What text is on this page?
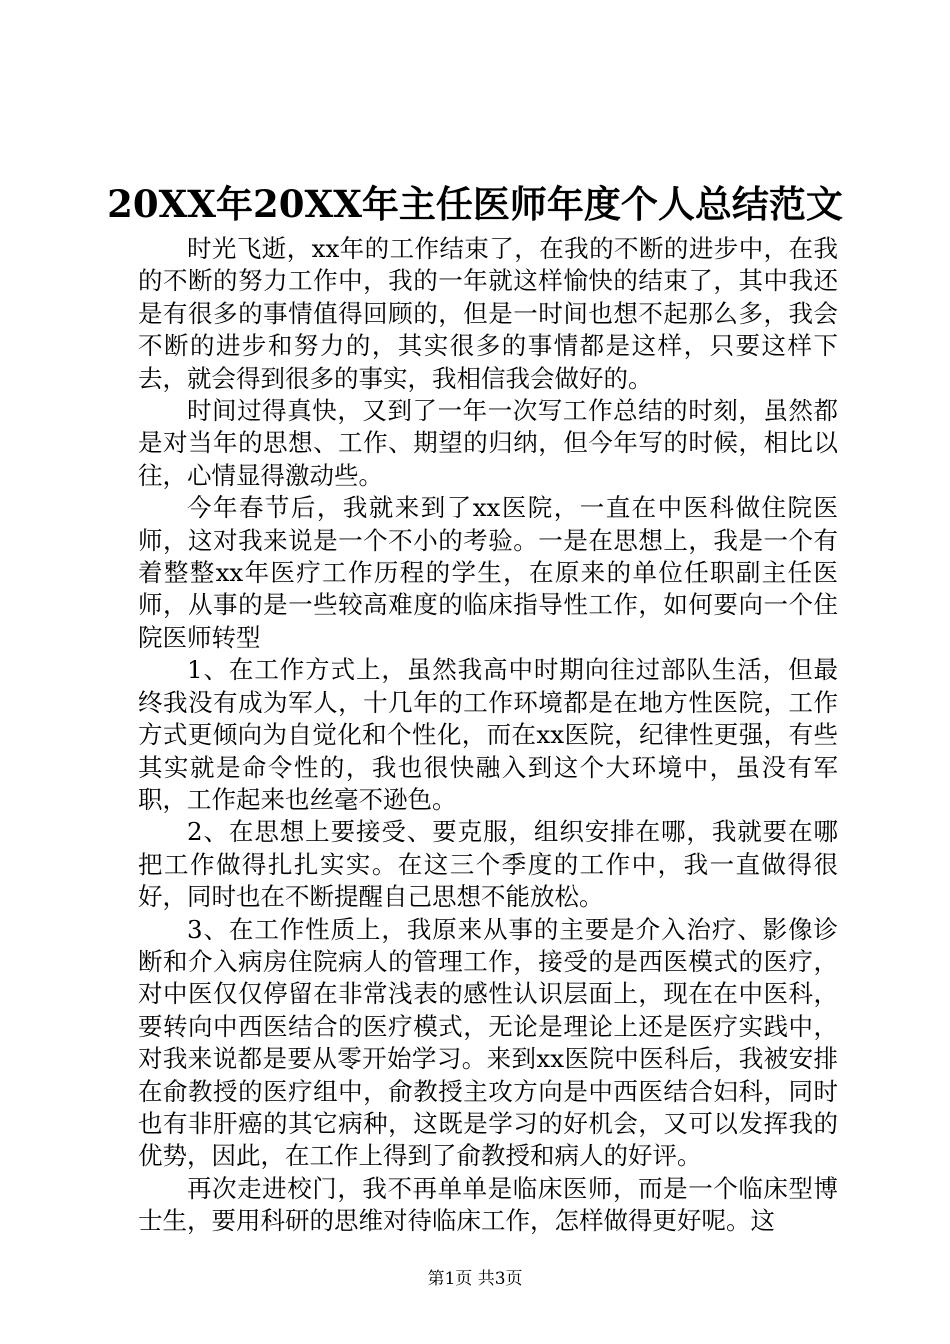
20XX年20XX年主任医师年度个人总结范文

时光飞逝，xx年的工作结束了，在我的不断的进步中，在我的不断的努力工作中，我的一年就这样愉快的结束了，其中我还是有很多的事情值得回顾的，但是一时间也想不起那么多，我会不断的进步和努力的，其实很多的事情都是这样，只要这样下去，就会得到很多的事实，我相信我会做好的。

时间过得真快，又到了一年一次写工作总结的时刻，虽然都是对当年的思想、工作、期望的归纳，但今年写的时候，相比以往，心情显得激动些。

今年春节后，我就来到了xx医院，一直在中医科做住院医师，这对我来说是一个不小的考验。一是在思想上，我是一个有着整整xx年医疗工作历程的学生，在原来的单位任职副主任医师，从事的是一些较高难度的临床指导性工作，如何要向一个住院医师转型

1、在工作方式上，虽然我高中时期向往过部队生活，但最终我没有成为军人，十几年的工作环境都是在地方性医院，工作方式更倾向为自觉化和个性化，而在xx医院，纪律性更强，有些其实就是命令性的，我也很快融入到这个大环境中，虽没有军职，工作起来也丝毫不逊色。

2、在思想上要接受、要克服，组织安排在哪，我就要在哪把工作做得扎扎实实。在这三个季度的工作中，我一直做得很好，同时也在不断提醒自己思想不能放松。

3、在工作性质上，我原来从事的主要是介入治疗、影像诊断和介入病房住院病人的管理工作，接受的是西医模式的医疗，对中医仅仅停留在非常浅表的感性认识层面上，现在在中医科，要转向中西医结合的医疗模式，无论是理论上还是医疗实践中，对我来说都是要从零开始学习。来到xx医院中医科后，我被安排在俞教授的医疗组中，俞教授主攻方向是中西医结合妇科，同时也有非肝癌的其它病种，这既是学习的好机会，又可以发挥我的优势，因此，在工作上得到了俞教授和病人的好评。

再次走进校门，我不再单单是临床医师，而是一个临床型博士生，要用科研的思维对待临床工作，怎样做得更好呢。这

第1页 共3页
